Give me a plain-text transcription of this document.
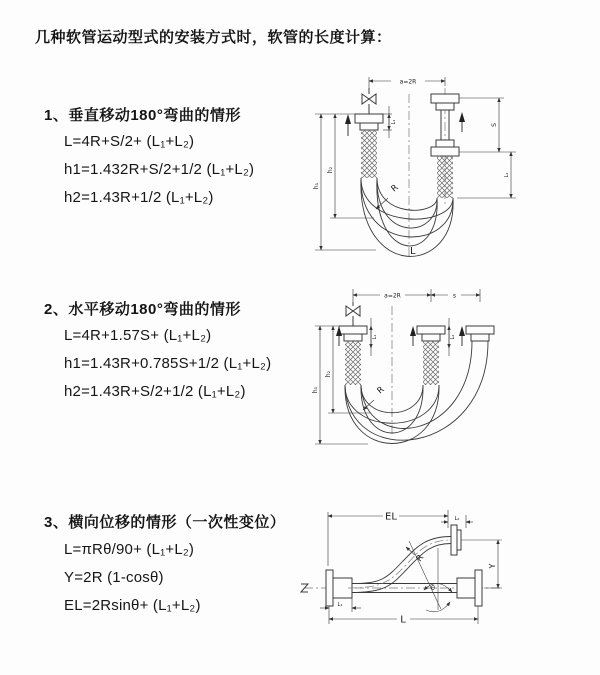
几种软管运动型式的安装方式时，软管的长度计算：
1、垂直移动180°弯曲的情形
L=4R+S/2+ (L₁+L₂)
h1=1.432R+S/2+1/2 (L₁+L₂)
h2=1.43R+1/2 (L₁+L₂)
2、水平移动180°弯曲的情形
L=4R+1.57S+ (L₁+L₂)
h1=1.43R+0.785S+1/2 (L₁+L₂)
h2=1.43R+S/2+1/2 (L₁+L₂)
3、横向位移的情形（一次性变位）
L=πRθ/90+ (L₁+L₂)
Y=2R (1-cosθ)
EL=2Rsinθ+ (L₁+L₂)
a=2R
h₁
h₂
L₁
S
L₂
R
L
a=2R	s
h₁
h₂
L₁	L₂
R
EL	L₂
Y
θ
R
L
L₁
